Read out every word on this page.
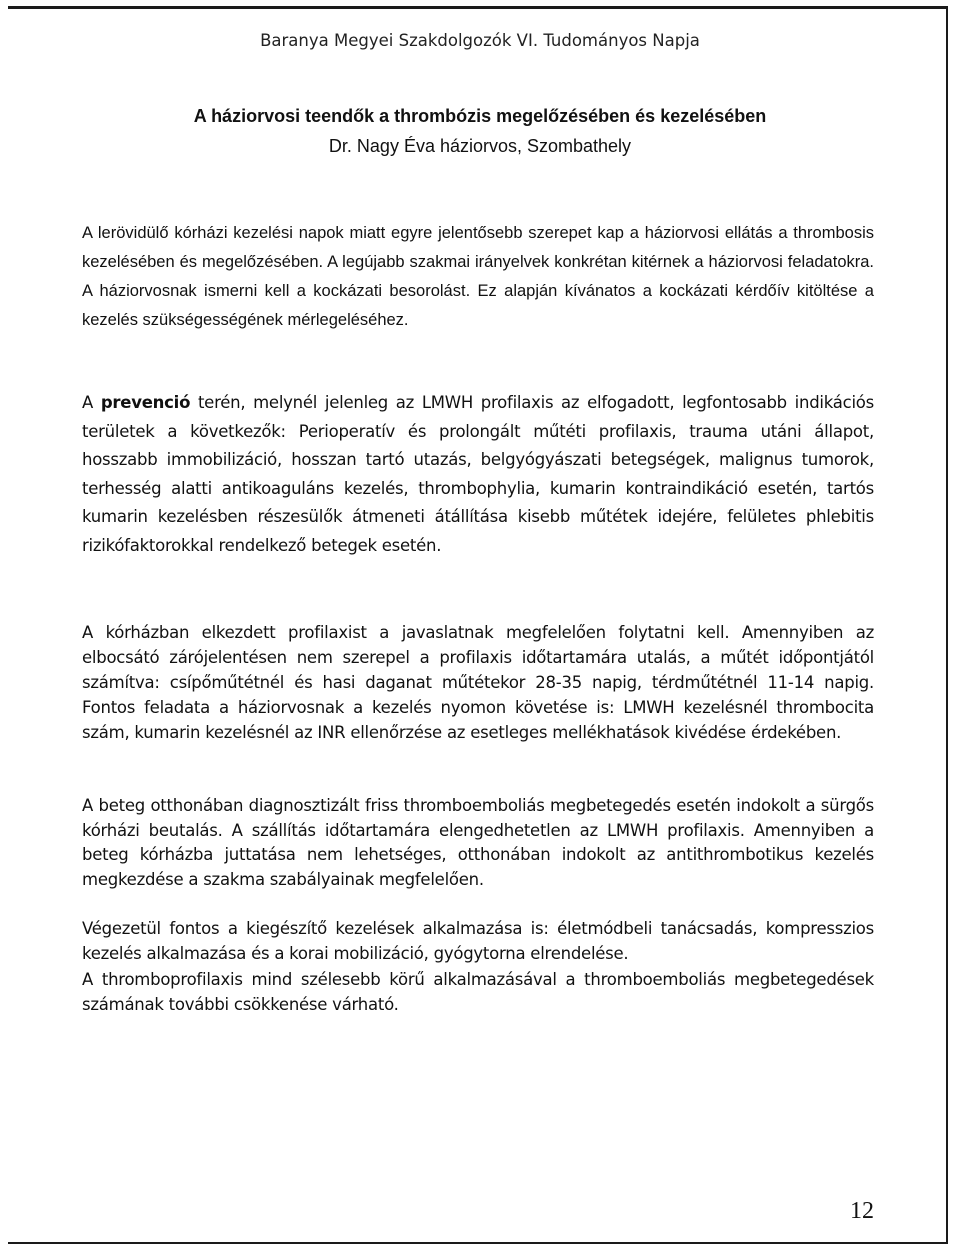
Baranya Megyei Szakdolgozók VI. Tudományos Napja
A háziorvosi teendők a thrombózis megelőzésében és kezelésében
Dr. Nagy Éva háziorvos, Szombathely

A lerövidülő kórházi kezelési napok miatt egyre jelentősebb szerepet kap a háziorvosi ellátás a thrombosis kezelésében és megelőzésében. A legújabb szakmai irányelvek konkrétan kitérnek a háziorvosi feladatokra. A háziorvosnak ismerni kell a kockázati besorolást. Ez alapján kívánatos a kockázati kérdőív kitöltése a kezelés szükségességének mérlegeléséhez.

A prevenció terén, melynél jelenleg az LMWH profilaxis az elfogadott, legfontosabb indikációs területek a következők: Perioperatív és prolongált műtéti profilaxis, trauma utáni állapot, hosszabb immobilizáció, hosszan tartó utazás, belgyógyászati betegségek, malignus tumorok, terhesség alatti antikoaguláns kezelés, thrombophylia, kumarin kontraindikáció esetén, tartós kumarin kezelésben részesülők átmeneti átállítása kisebb műtétek idejére, felületes phlebitis rizikófaktorokkal rendelkező betegek esetén.

A kórházban elkezdett profilaxist a javaslatnak megfelelően folytatni kell. Amennyiben az elbocsátó zárójelentésen nem szerepel a profilaxis időtartamára utalás, a műtét időpontjától számítva: csípőműtétnél és hasi daganat műtétekor 28-35 napig, térdműtétnél 11-14 napig. Fontos feladata a háziorvosnak a kezelés nyomon követése is: LMWH kezelésnél thrombocita szám, kumarin kezelésnél az INR ellenőrzése az esetleges mellékhatások kivédése érdekében.

A beteg otthonában diagnosztizált friss thromboemboliás megbetegedés esetén indokolt a sürgős kórházi beutalás. A szállítás időtartamára elengedhetetlen az LMWH profilaxis. Amennyiben a beteg kórházba juttatása nem lehetséges, otthonában indokolt az antithrombotikus kezelés megkezdése a szakma szabályainak megfelelően.

Végezetül fontos a kiegészítő kezelések alkalmazása is: életmódbeli tanácsadás, kompresszios kezelés alkalmazása és a korai mobilizáció, gyógytorna elrendelése.

A thromboprofilaxis mind szélesebb körű alkalmazásával a thromboemboliás megbetegedések számának további csökkenése várható.

12
